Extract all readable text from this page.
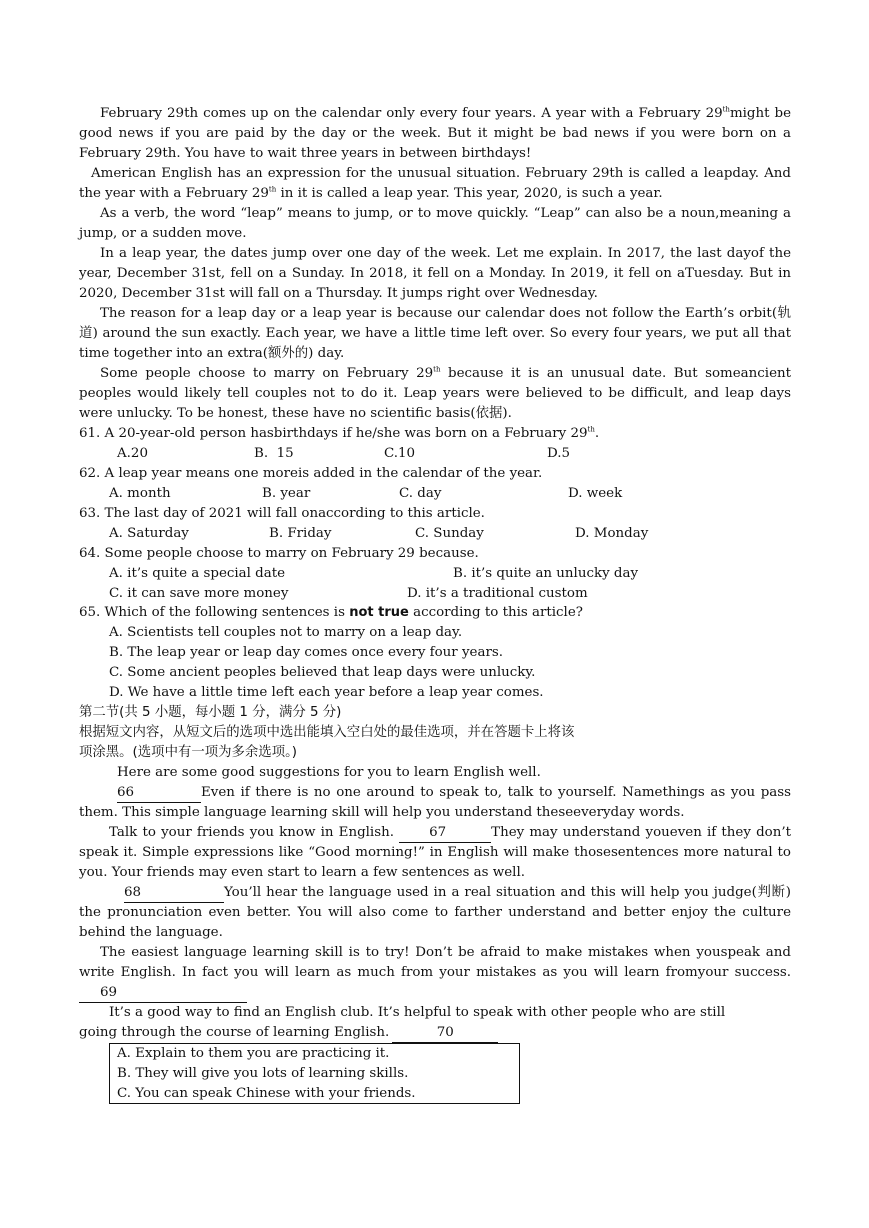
February 29th comes up on the calendar only every four years. A year with a February 29thmight be good news if you are paid by the day or the week. But it might be bad news if you were born on a February 29th. You have to wait three years in between birthdays!

American English has an expression for the unusual situation. February 29th is called a leapday. And the year with a February 29th in it is called a leap year. This year, 2020, is such a year.

As a verb, the word “leap” means to jump, or to move quickly. “Leap” can also be a noun,meaning a jump, or a sudden move.

In a leap year, the dates jump over one day of the week. Let me explain. In 2017, the last dayof the year, December 31st, fell on a Sunday. In 2018, it fell on a Monday. In 2019, it fell on aTuesday. But in 2020, December 31st will fall on a Thursday. It jumps right over Wednesday.

The reason for a leap day or a leap year is because our calendar does not follow the Earth’s orbit(轨道) around the sun exactly. Each year, we have a little time left over. So every four years, we put all that time together into an extra(额外的) day.

Some people choose to marry on February 29th because it is an unusual date. But someancient peoples would likely tell couples not to do it. Leap years were believed to be difficult, and leap days were unlucky. To be honest, these have no scientific basis(依据).

61. A 20-year-old person hasbirthdays if he/she was born on a February 29th.

A.20	B.  15	C.10	D.5

62. A leap year means one moreis added in the calendar of the year.

A. month	B. year	C. day	D. week

63. The last day of 2021 will fall onaccording to this article.

A. Saturday	B. Friday	C. Sunday	D. Monday

64. Some people choose to marry on February 29 because.

A. it’s quite a special date	B. it’s quite an unlucky day
C. it can save more money	D. it’s a traditional custom

65. Which of the following sentences is not true according to this article?

A. Scientists tell couples not to marry on a leap day.

B. The leap year or leap day comes once every four years.

C. Some ancient peoples believed that leap days were unlucky.

D. We have a little time left each year before a leap year comes.

第二节(共 5 小题，每小题 1 分，满分 5 分)

根据短文内容，从短文后的选项中选出能填入空白处的最佳选项，并在答题卡上将该

项涂黑。(选项中有一项为多余选项。)

Here are some good suggestions for you to learn English well.

66	Even if there is no one around to speak to, talk to yourself. Namethings as you pass them. This simple language learning skill will help you understand theseeveryday words.

Talk to your friends you know in English. 67	They may understand youeven if they don’t speak it. Simple expressions like “Good morning!” in English will make thosesentences more natural to you. Your friends may even start to learn a few sentences as well.

68	You’ll hear the language used in a real situation and this will help you judge(判断) the pronunciation even better. You will also come to farther understand and better enjoy the culture behind the language.

The easiest language learning skill is to try! Don’t be afraid to make mistakes when youspeak and write English. In fact you will learn as much from your mistakes as you will learn fromyour success.69

It’s a good way to find an English club. It’s helpful to speak with other people who are still

going through the course of learning English.	70

A. Explain to them you are practicing it.

B. They will give you lots of learning skills.

C. You can speak Chinese with your friends.
